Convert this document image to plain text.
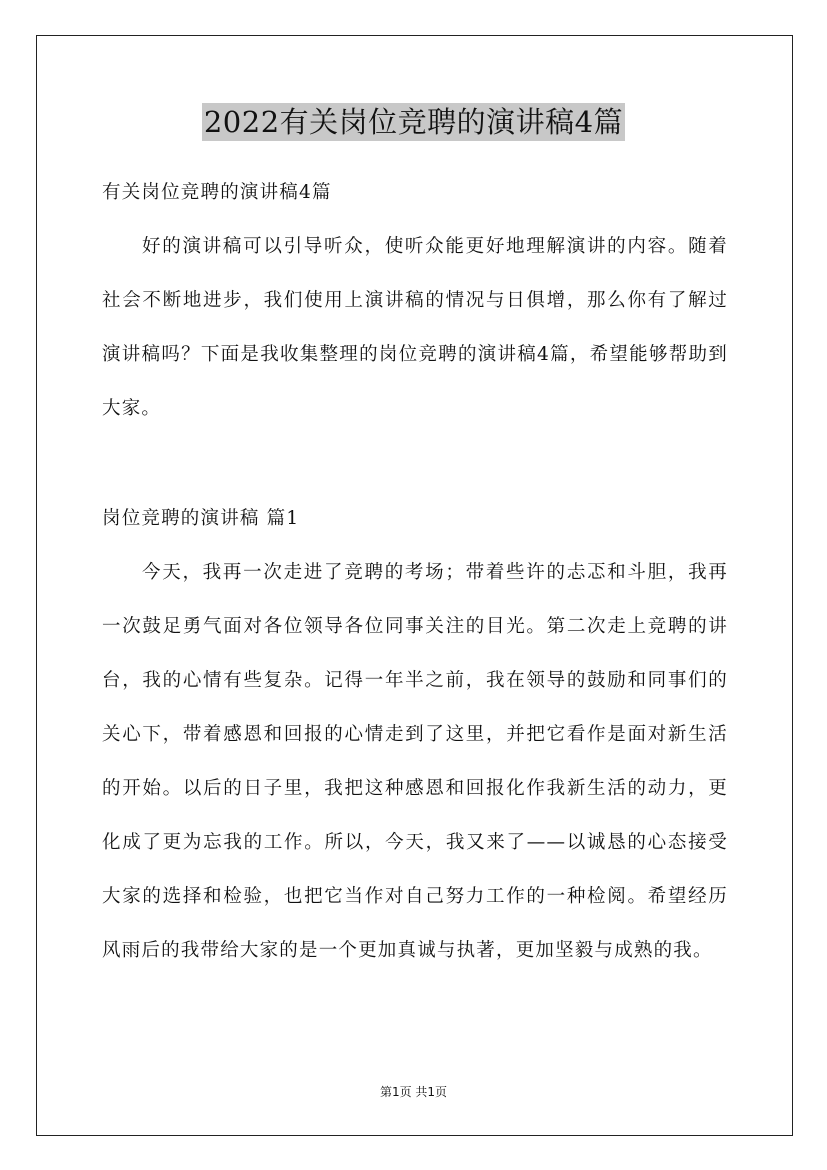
2022有关岗位竞聘的演讲稿4篇

有关岗位竞聘的演讲稿4篇

好的演讲稿可以引导听众，使听众能更好地理解演讲的内容。随着社会不断地进步，我们使用上演讲稿的情况与日俱增，那么你有了解过演讲稿吗？下面是我收集整理的岗位竞聘的演讲稿4篇，希望能够帮助到大家。

岗位竞聘的演讲稿 篇1

今天，我再一次走进了竞聘的考场；带着些许的忐忑和斗胆，我再一次鼓足勇气面对各位领导各位同事关注的目光。第二次走上竞聘的讲台，我的心情有些复杂。记得一年半之前，我在领导的鼓励和同事们的关心下，带着感恩和回报的心情走到了这里，并把它看作是面对新生活的开始。以后的日子里，我把这种感恩和回报化作我新生活的动力，更化成了更为忘我的工作。所以，今天，我又来了——以诚恳的心态接受大家的选择和检验，也把它当作对自己努力工作的一种检阅。希望经历风雨后的我带给大家的是一个更加真诚与执著，更加坚毅与成熟的我。

第1页 共1页
